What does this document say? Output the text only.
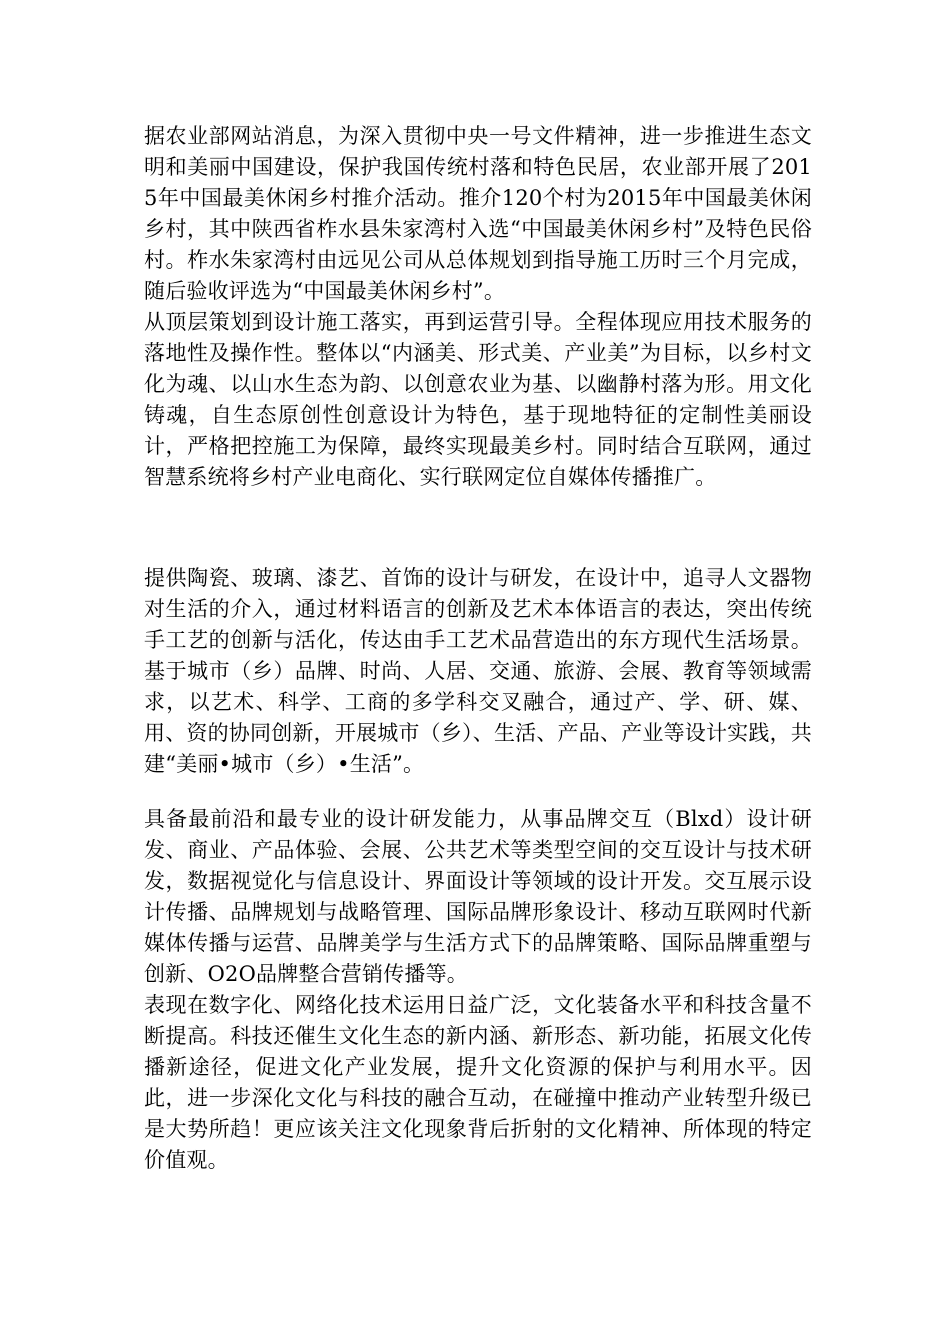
据农业部网站消息，为深入贯彻中央一号文件精神，进一步推进生态文明和美丽中国建设，保护我国传统村落和特色民居，农业部开展了2015年中国最美休闲乡村推介活动。推介120个村为2015年中国最美休闲乡村，其中陕西省柞水县朱家湾村入选“中国最美休闲乡村”及特色民俗村。柞水朱家湾村由远见公司从总体规划到指导施工历时三个月完成，随后验收评选为“中国最美休闲乡村”。

从顶层策划到设计施工落实，再到运营引导。全程体现应用技术服务的落地性及操作性。整体以“内涵美、形式美、产业美”为目标，以乡村文化为魂、以山水生态为韵、以创意农业为基、以幽静村落为形。用文化铸魂，自生态原创性创意设计为特色，基于现地特征的定制性美丽设计，严格把控施工为保障，最终实现最美乡村。同时结合互联网，通过智慧系统将乡村产业电商化、实行联网定位自媒体传播推广。

提供陶瓷、玻璃、漆艺、首饰的设计与研发，在设计中，追寻人文器物对生活的介入，通过材料语言的创新及艺术本体语言的表达，突出传统手工艺的创新与活化，传达由手工艺术品营造出的东方现代生活场景。基于城市（乡）品牌、时尚、人居、交通、旅游、会展、教育等领域需求，以艺术、科学、工商的多学科交叉融合，通过产、学、研、媒、用、资的协同创新，开展城市（乡）、生活、产品、产业等设计实践，共建“美丽•城市（乡）•生活”。

具备最前沿和最专业的设计研发能力，从事品牌交互（Blxd）设计研发、商业、产品体验、会展、公共艺术等类型空间的交互设计与技术研发，数据视觉化与信息设计、界面设计等领域的设计开发。交互展示设计传播、品牌规划与战略管理、国际品牌形象设计、移动互联网时代新媒体传播与运营、品牌美学与生活方式下的品牌策略、国际品牌重塑与创新、O2O品牌整合营销传播等。

表现在数字化、网络化技术运用日益广泛，文化装备水平和科技含量不断提高。科技还催生文化生态的新内涵、新形态、新功能，拓展文化传播新途径，促进文化产业发展，提升文化资源的保护与利用水平。因此，进一步深化文化与科技的融合互动，在碰撞中推动产业转型升级已是大势所趋！更应该关注文化现象背后折射的文化精神、所体现的特定价值观。
